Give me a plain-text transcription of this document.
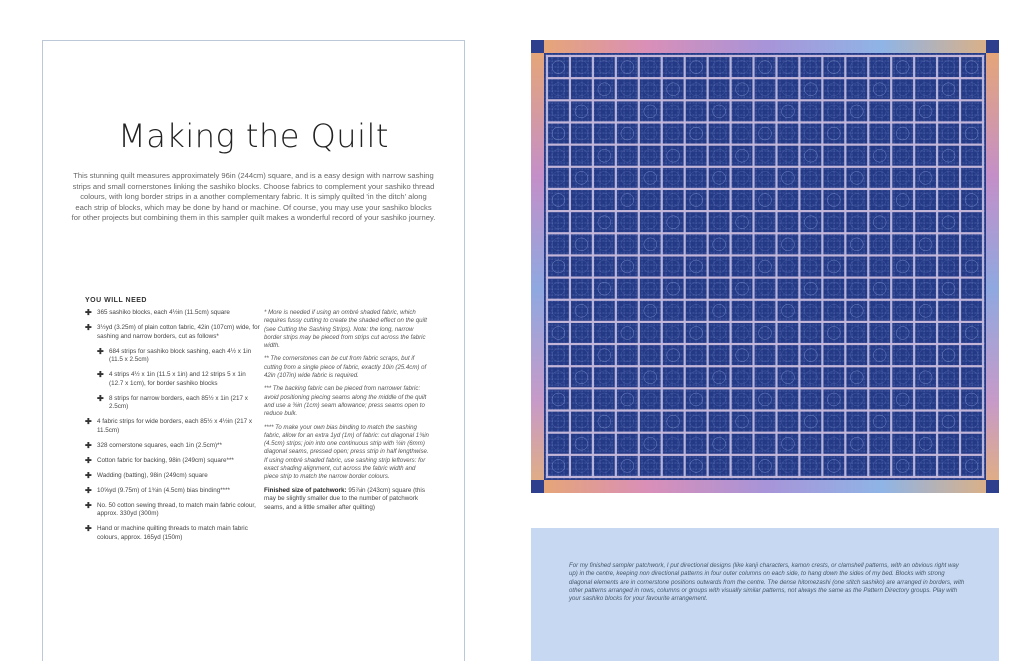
Making the Quilt
This stunning quilt measures approximately 96in (244cm) square, and is a easy design with narrow sashing strips and small cornerstones linking the sashiko blocks. Choose fabrics to complement your sashiko thread colours, with long border strips in a another complementary fabric. It is simply quilted 'in the ditch' along each strip of blocks, which may be done by hand or machine. Of course, you may use your sashiko blocks for other projects but combining them in this sampler quilt makes a wonderful record of your sashiko journey.
YOU WILL NEED
✚ 365 sashiko blocks, each 4½in (11.5cm) square
✚ 3½yd (3.25m) of plain cotton fabric, 42in (107cm) wide, for sashing and narrow borders, cut as follows*
✚ 684 strips for sashiko block sashing, each 4½ x 1in (11.5 x 2.5cm)
✚ 4 strips 4½ x 1in (11.5 x 1in) and 12 strips 5 x 1in (12.7 x 1cm), for border sashiko blocks
✚ 8 strips for narrow borders, each 85½ x 1in (217 x 2.5cm)
✚ 4 fabric strips for wide borders, each 85½ x 4½in (217 x 11.5cm)
✚ 328 cornerstone squares, each 1in (2.5cm)**
✚ Cotton fabric for backing, 98in (249cm) square***
✚ Wadding (batting), 98in (249cm) square
✚ 10⅝yd (9.75m) of 1¾in (4.5cm) bias binding****
✚ No. 50 cotton sewing thread, to match main fabric colour, approx. 330yd (300m)
✚ Hand or machine quilting threads to match main fabric colours, approx. 165yd (150m)
* More is needed if using an ombré shaded fabric, which requires fussy cutting to create the shaded effect on the quilt (see Cutting the Sashing Strips). Note: the long, narrow border strips may be pieced from strips cut across the fabric width.
** The cornerstones can be cut from fabric scraps, but if cutting from a single piece of fabric, exactly 10in (25.4cm) of 42in (107in) wide fabric is required.
*** The backing fabric can be pieced from narrower fabric: avoid positioning piecing seams along the middle of the quilt and use a ⅜in (1cm) seam allowance; press seams open to reduce bulk.
**** To make your own bias binding to match the sashing fabric, allow for an extra 1yd (1m) of fabric: cut diagonal 1¾in (4.5cm) strips; join into one continuous strip with ¼in (6mm) diagonal seams, pressed open; press strip in half lengthwise. If using ombré shaded fabric, use sashing strip leftovers: for exact shading alignment, cut across the fabric width and piece strip to match the narrow border colours.
Finished size of patchwork: 95⅞in (243cm) square (this may be slightly smaller due to the number of patchwork seams, and a little smaller after quilting)
For my finished sampler patchwork, I put directional designs (like kanji characters, kamon crests, or clamshell patterns, with an obvious right way up) in the centre, keeping non directional patterns in four outer columns on each side, to hang down the sides of my bed. Blocks with strong diagonal elements are in cornerstone positions outwards from the centre. The dense hitomezashi (one stitch sashiko) are arranged in borders, with other patterns arranged in rows, columns or groups with visually similar patterns, not always the same as the Pattern Directory groups. Play with your sashiko blocks for your favourite arrangement.
